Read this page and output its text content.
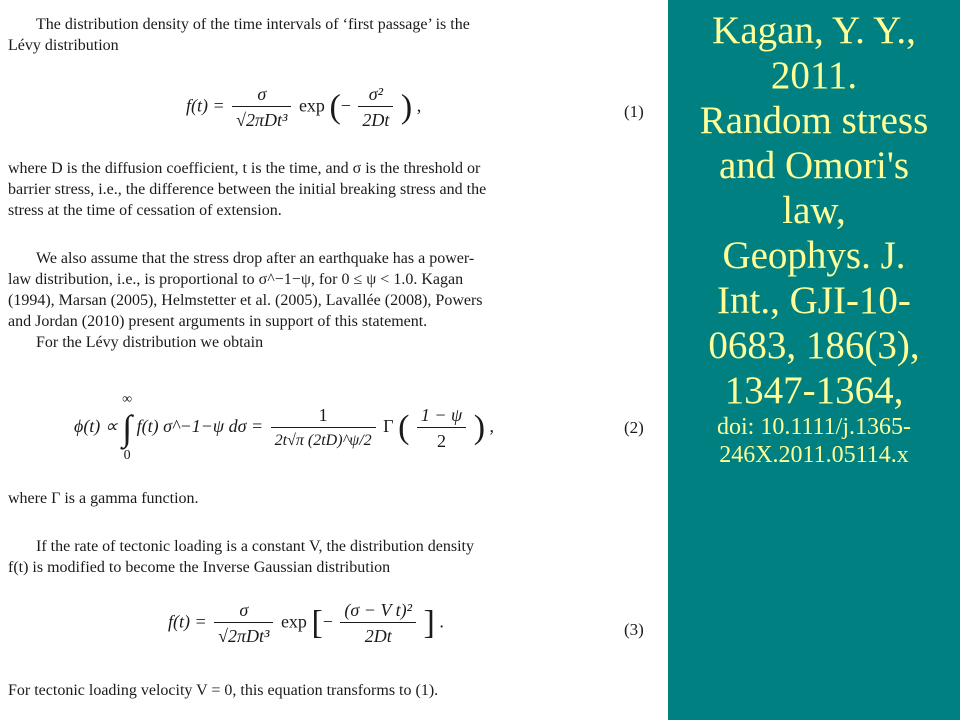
The distribution density of the time intervals of ‘first passage’ is the
Lévy distribution
$f(t) = \frac{\sigma}{\text{√2πDt³}}$ exp (− $\frac{\text{σ²}}{2Dt}$ ) ,	(1)
where D is the diffusion coefficient, t is the time, and σ is the threshold or
barrier stress, i.e., the difference between the initial breaking stress and the
stress at the time of cessation of extension.
We also assume that the stress drop after an earthquake has a power-
law distribution, i.e., is proportional to σ^−1−ψ, for 0 ≤ ψ < 1.0. Kagan
(1994), Marsan (2005), Helmstetter et al. (2005), Lavallée (2008), Powers
and Jordan (2010) present arguments in support of this statement.
For the Lévy distribution we obtain
ϕ(t) ∝
∞
∫
0
f(t) σ^−1−ψ $d\sigma = \frac{1}{2t√\pi (2tD)\^{}\psi/2}$ Γ ( $\frac{1 - \psi}{2}$ ) ,	(2)
where Γ is a gamma function.
If the rate of tectonic loading is a constant V, the distribution density
f(t) is modified to become the Inverse Gaussian distribution
$f(t) = \frac{\sigma}{\text{√2πDt³}}$ exp [− $\frac{\text{(σ − V t)²}}{2Dt}$ ] .	(3)
For tectonic loading velocity V = 0, this equation transforms to (1).
Kagan, Y. Y.,
2011.
Random stress
and Omori's
law,
Geophys. J.
Int., GJI-10-
0683, 186(3),
1347-1364,
doi: 10.1111/j.1365-
246X.2011.05114.x
